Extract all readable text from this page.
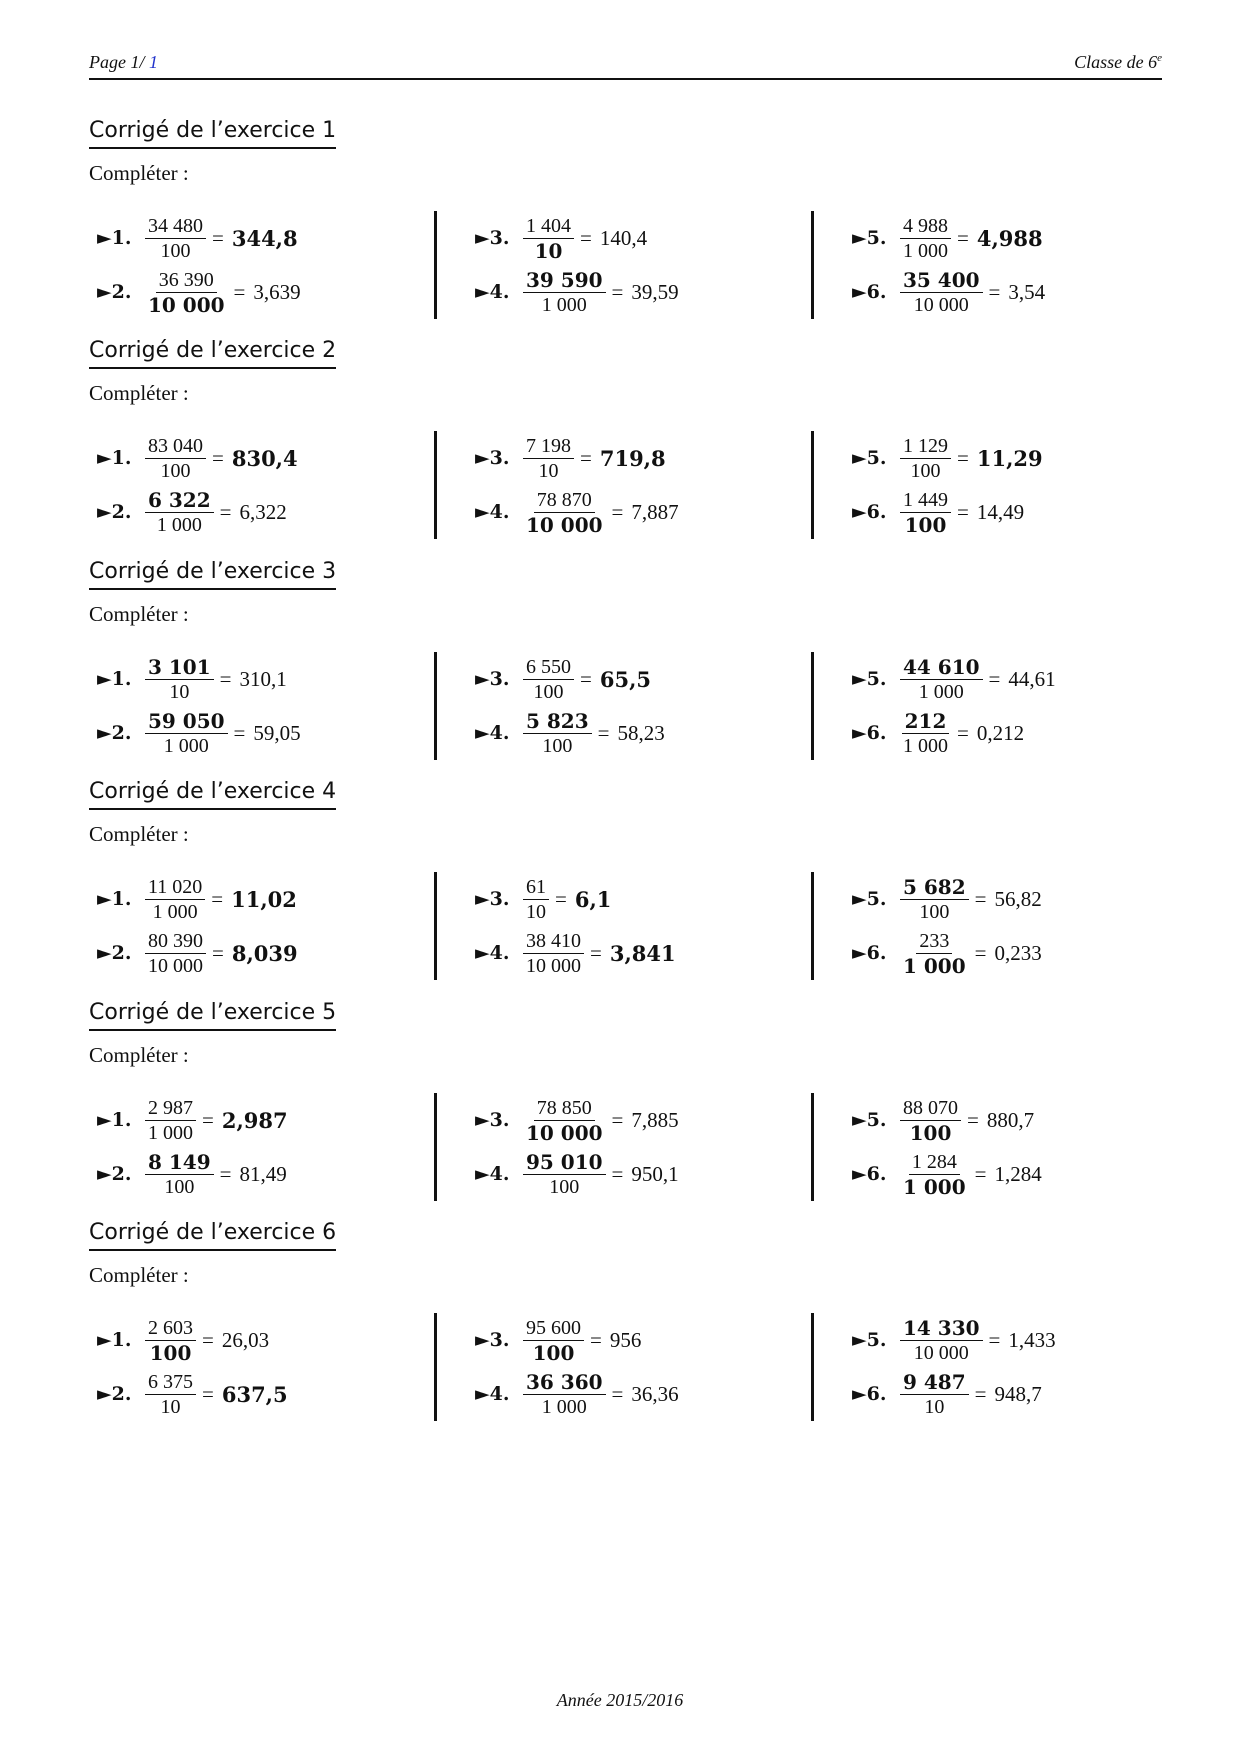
Page 1/ 1	Classe de 6e
Corrigé de l’exercice 1
Compléter :
►1. $\frac{34 480}{100} = 344,8$
►2. $\frac{36 390}{10 000} = 3,639$
►3. $\frac{1 404}{10} = 140,4$
►4. $\frac{39 590}{1 000} = 39,59$
►5. $\frac{4 988}{1 000} = 4,988$
►6. $\frac{35 400}{10 000} = 3,54$
Corrigé de l’exercice 2
Compléter :
►1. $\frac{83 040}{100} = 830,4$
►2. $\frac{6 322}{1 000} = 6,322$
►3. $\frac{7 198}{10} = 719,8$
►4. $\frac{78 870}{10 000} = 7,887$
►5. $\frac{1 129}{100} = 11,29$
►6. $\frac{1 449}{100} = 14,49$
Corrigé de l’exercice 3
Compléter :
►1. $\frac{3 101}{10} = 310,1$
►2. $\frac{59 050}{1 000} = 59,05$
►3. $\frac{6 550}{100} = 65,5$
►4. $\frac{5 823}{100} = 58,23$
►5. $\frac{44 610}{1 000} = 44,61$
►6. $\frac{212}{1 000} = 0,212$
Corrigé de l’exercice 4
Compléter :
►1. $\frac{11 020}{1 000} = 11,02$
►2. $\frac{80 390}{10 000} = 8,039$
►3. $\frac{61}{10} = 6,1$
►4. $\frac{38 410}{10 000} = 3,841$
►5. $\frac{5 682}{100} = 56,82$
►6. $\frac{233}{1 000} = 0,233$
Corrigé de l’exercice 5
Compléter :
►1. $\frac{2 987}{1 000} = 2,987$
►2. $\frac{8 149}{100} = 81,49$
►3. $\frac{78 850}{10 000} = 7,885$
►4. $\frac{95 010}{100} = 950,1$
►5. $\frac{88 070}{100} = 880,7$
►6. $\frac{1 284}{1 000} = 1,284$
Corrigé de l’exercice 6
Compléter :
►1. $\frac{2 603}{100} = 26,03$
►2. $\frac{6 375}{10} = 637,5$
►3. $\frac{95 600}{100} = 956$
►4. $\frac{36 360}{1 000} = 36,36$
►5. $\frac{14 330}{10 000} = 1,433$
►6. $\frac{9 487}{10} = 948,7$
Année 2015/2016
